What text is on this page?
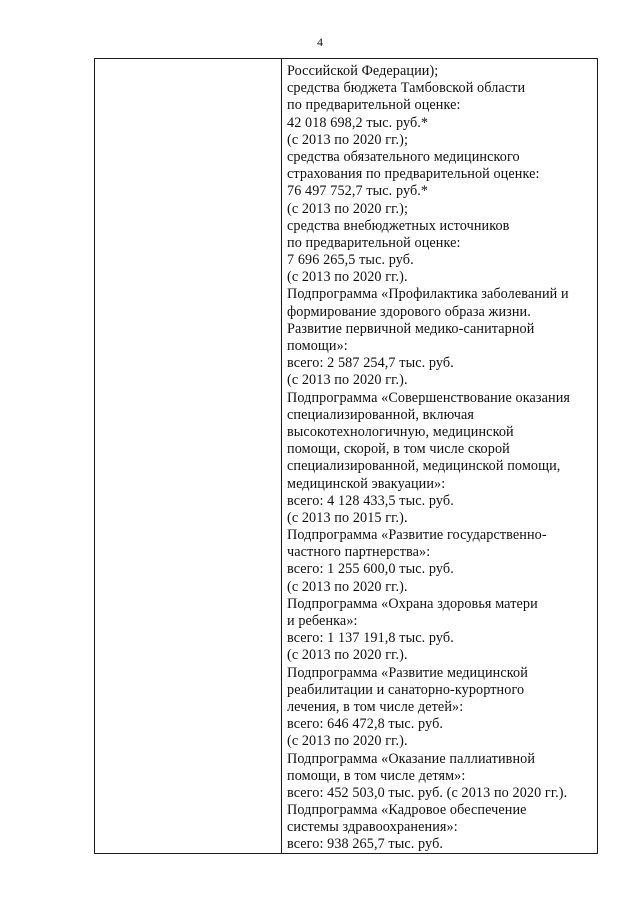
4
Российской Федерации);
средства бюджета Тамбовской области
по предварительной оценке:
42 018 698,2 тыс. руб.*
(с 2013 по 2020 гг.);
средства обязательного медицинского
страхования по предварительной оценке:
76 497 752,7 тыс. руб.*
(с 2013 по 2020 гг.);
средства внебюджетных источников
по предварительной оценке:
7 696 265,5 тыс. руб.
(с 2013 по 2020 гг.).
Подпрограмма «Профилактика заболеваний и
формирование здорового образа жизни.
Развитие первичной медико-санитарной
помощи»:
всего: 2 587 254,7 тыс. руб.
(с 2013 по 2020 гг.).
Подпрограмма «Совершенствование оказания
специализированной, включая
высокотехнологичную, медицинской
помощи, скорой, в том числе скорой
специализированной, медицинской помощи,
медицинской эвакуации»:
всего: 4 128 433,5 тыс. руб.
(с 2013 по 2015 гг.).
Подпрограмма «Развитие государственно-
частного партнерства»:
всего: 1 255 600,0 тыс. руб.
(с 2013 по 2020 гг.).
Подпрограмма «Охрана здоровья матери
и ребенка»:
всего: 1 137 191,8 тыс. руб.
(с 2013 по 2020 гг.).
Подпрограмма «Развитие медицинской
реабилитации и санаторно-курортного
лечения, в том числе детей»:
всего: 646 472,8 тыс. руб.
(с 2013 по 2020 гг.).
Подпрограмма «Оказание паллиативной
помощи, в том числе детям»:
всего: 452 503,0 тыс. руб. (с 2013 по 2020 гг.).
Подпрограмма «Кадровое обеспечение
системы здравоохранения»:
всего: 938 265,7 тыс. руб.
